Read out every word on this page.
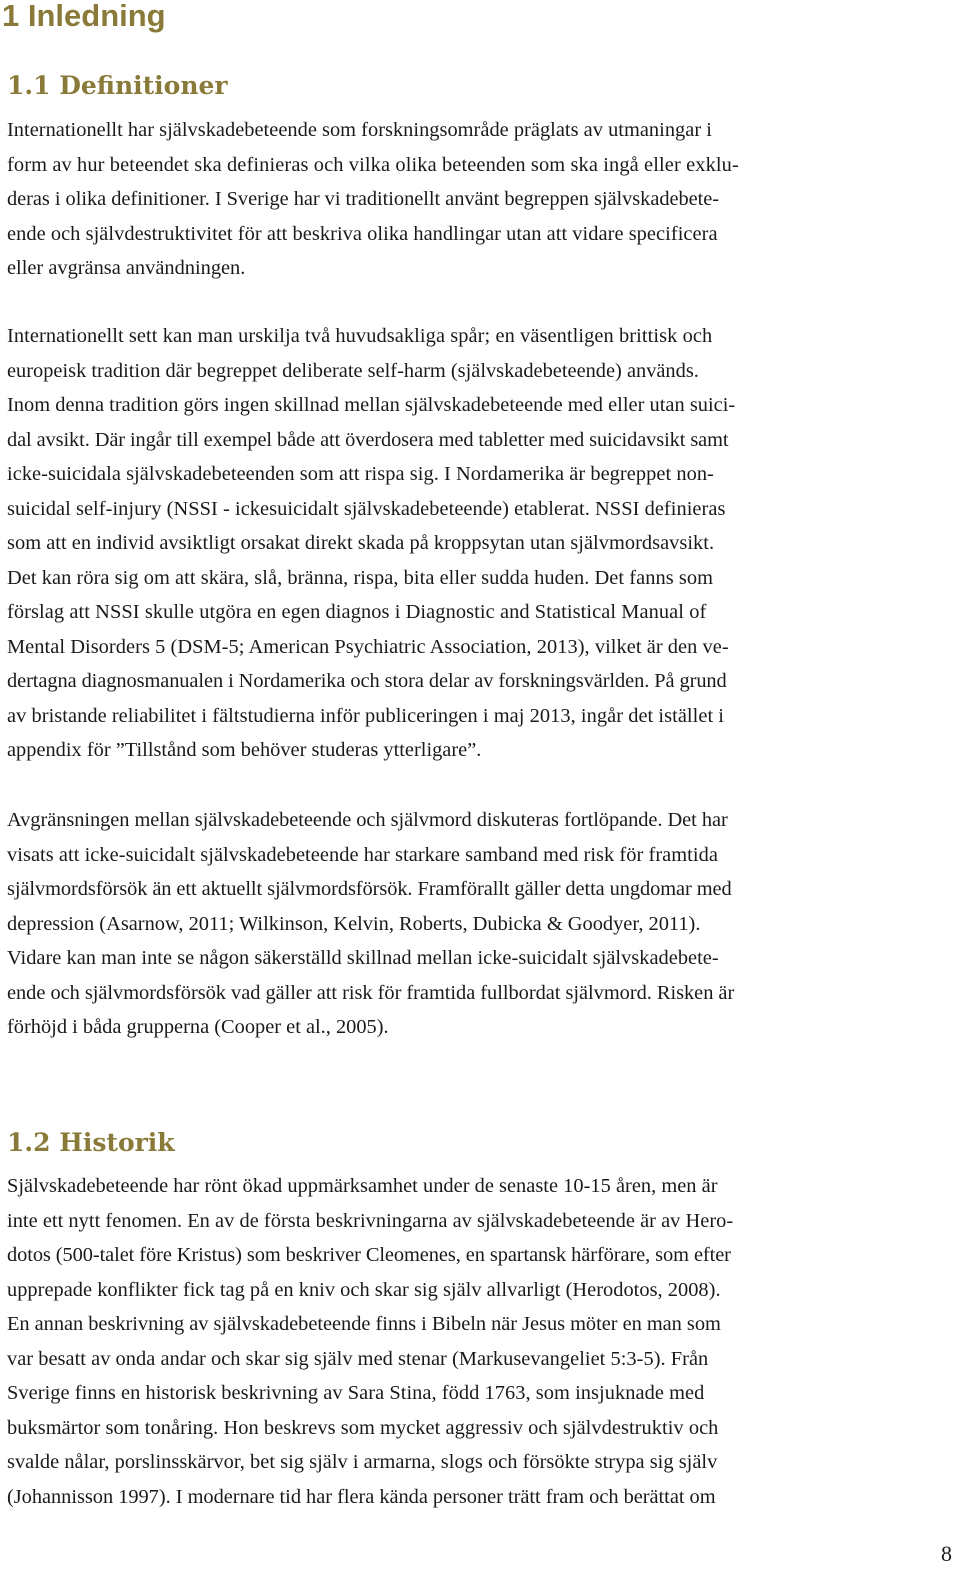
1 Inledning
1.1 Definitioner
Internationellt har självskadebeteende som forskningsområde präglats av utmaningar i
form av hur beteendet ska definieras och vilka olika beteenden som ska ingå eller exklu-
deras i olika definitioner. I Sverige har vi traditionellt använt begreppen självskadebete-
ende och självdestruktivitet för att beskriva olika handlingar utan att vidare specificera
eller avgränsa användningen.
Internationellt sett kan man urskilja två huvudsakliga spår; en väsentligen brittisk och
europeisk tradition där begreppet deliberate self-harm (självskadebeteende) används.
Inom denna tradition görs ingen skillnad mellan självskadebeteende med eller utan suici-
dal avsikt. Där ingår till exempel både att överdosera med tabletter med suicidavsikt samt
icke-suicidala självskadebeteenden som att rispa sig. I Nordamerika är begreppet non-
suicidal self-injury (NSSI - ickesuicidalt självskadebeteende) etablerat. NSSI definieras
som att en individ avsiktligt orsakat direkt skada på kroppsytan utan självmordsavsikt.
Det kan röra sig om att skära, slå, bränna, rispa, bita eller sudda huden. Det fanns som
förslag att NSSI skulle utgöra en egen diagnos i Diagnostic and Statistical Manual of
Mental Disorders 5 (DSM-5; American Psychiatric Association, 2013), vilket är den ve-
dertagna diagnosmanualen i Nordamerika och stora delar av forskningsvärlden. På grund
av bristande reliabilitet i fältstudierna inför publiceringen i maj 2013, ingår det istället i
appendix för ”Tillstånd som behöver studeras ytterligare”.
Avgränsningen mellan självskadebeteende och självmord diskuteras fortlöpande. Det har
visats att icke-suicidalt självskadebeteende har starkare samband med risk för framtida
självmordsförsök än ett aktuellt självmordsförsök. Framförallt gäller detta ungdomar med
depression (Asarnow, 2011; Wilkinson, Kelvin, Roberts, Dubicka & Goodyer, 2011).
Vidare kan man inte se någon säkerställd skillnad mellan icke-suicidalt självskadebete-
ende och självmordsförsök vad gäller att risk för framtida fullbordat självmord. Risken är
förhöjd i båda grupperna (Cooper et al., 2005).
1.2 Historik
Självskadebeteende har rönt ökad uppmärksamhet under de senaste 10-15 åren, men är
inte ett nytt fenomen. En av de första beskrivningarna av självskadebeteende är av Hero-
dotos (500-talet före Kristus) som beskriver Cleomenes, en spartansk härförare, som efter
upprepade konflikter fick tag på en kniv och skar sig själv allvarligt (Herodotos, 2008).
En annan beskrivning av självskadebeteende finns i Bibeln när Jesus möter en man som
var besatt av onda andar och skar sig själv med stenar (Markusevangeliet 5:3-5). Från
Sverige finns en historisk beskrivning av Sara Stina, född 1763, som insjuknade med
buksmärtor som tonåring. Hon beskrevs som mycket aggressiv och självdestruktiv och
svalde nålar, porslinsskärvor, bet sig själv i armarna, slogs och försökte strypa sig själv
(Johannisson 1997). I modernare tid har flera kända personer trätt fram och berättat om
8
